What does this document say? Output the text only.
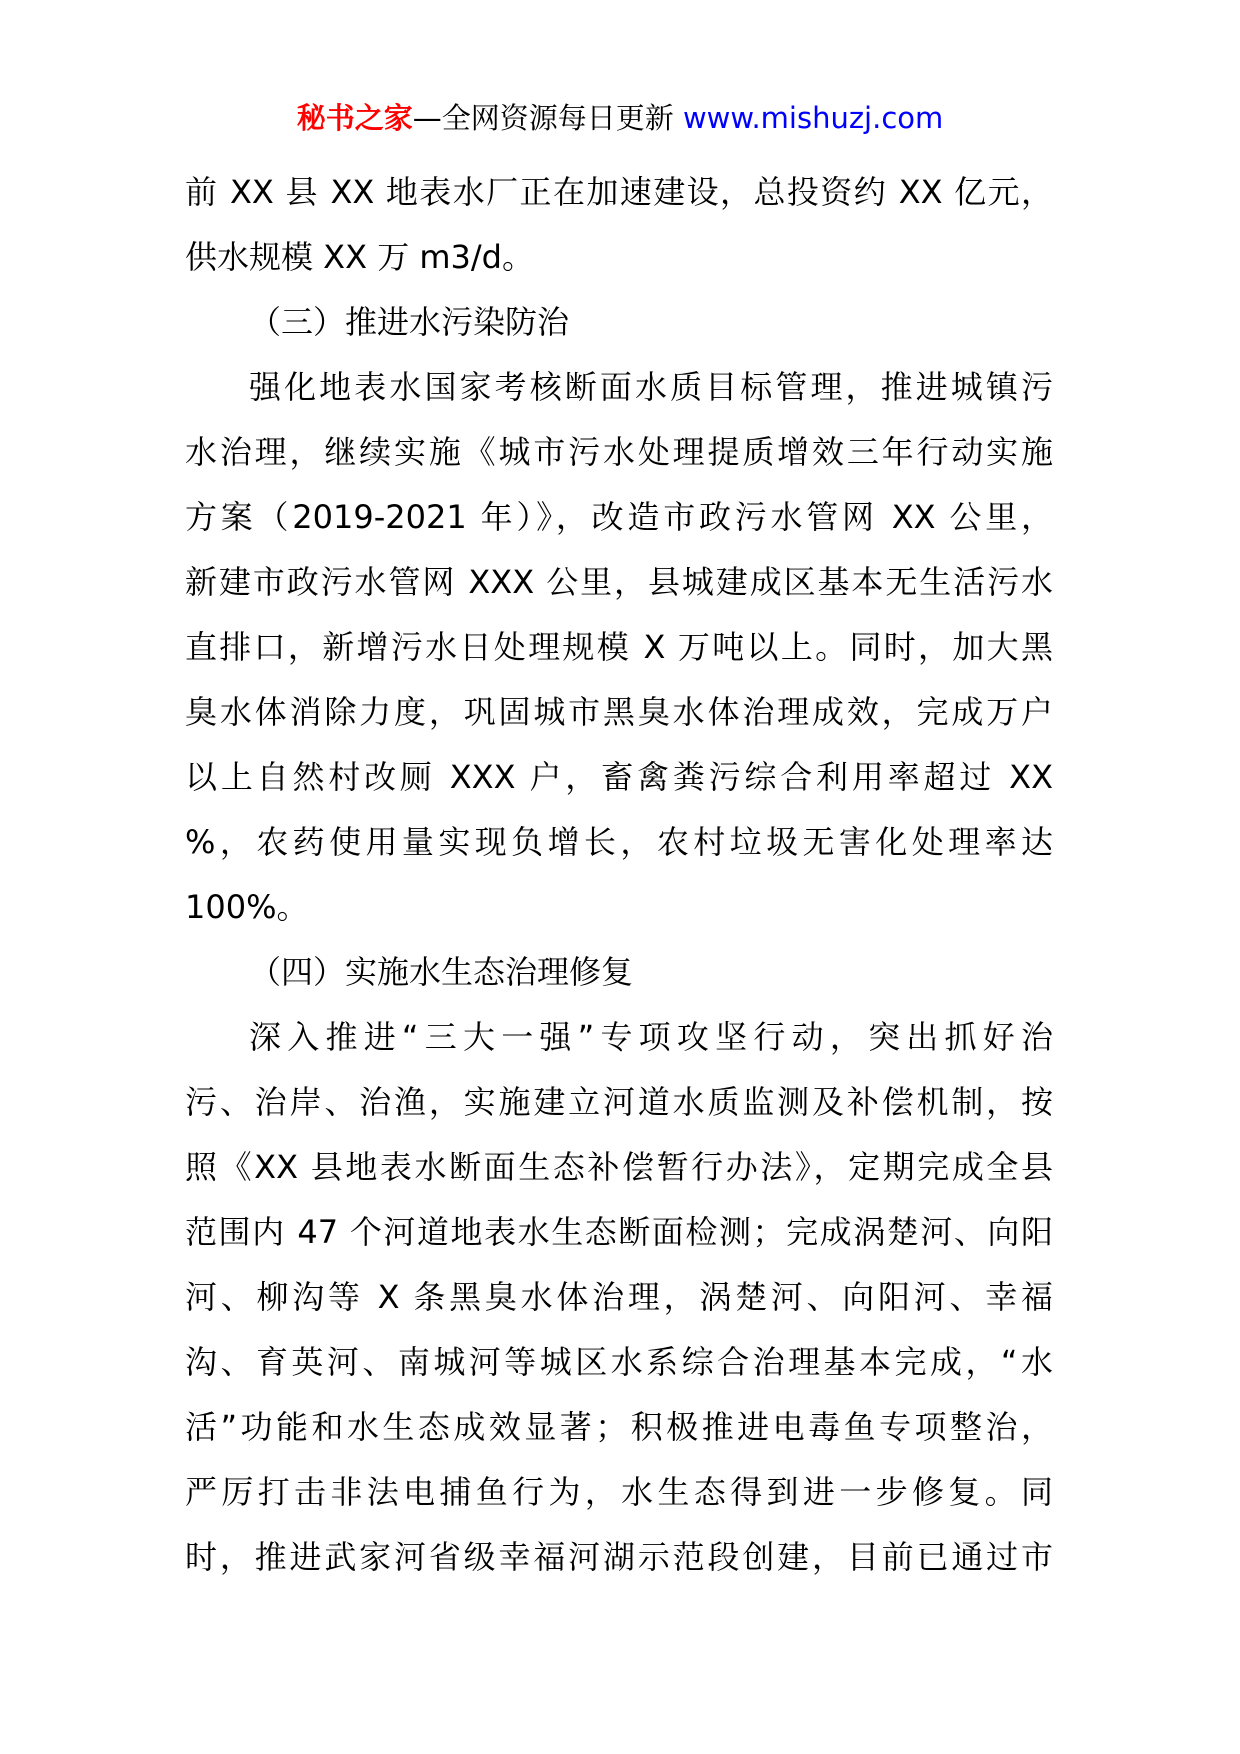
秘书之家—全网资源每日更新 www.mishuzj.com
前 XX 县 XX 地表水厂正在加速建设，总投资约 XX 亿元，
供水规模 XX 万 m3/d。
（三）推进水污染防治
强化地表水国家考核断面水质目标管理，推进城镇污
水治理，继续实施《城市污水处理提质增效三年行动实施
方案（2019-2021 年）》，改造市政污水管网 XX 公里，
新建市政污水管网 XXX 公里，县城建成区基本无生活污水
直排口，新增污水日处理规模 X 万吨以上。同时，加大黑
臭水体消除力度，巩固城市黑臭水体治理成效，完成万户
以上自然村改厕 XXX 户，畜禽粪污综合利用率超过 XX
%，农药使用量实现负增长，农村垃圾无害化处理率达
100%。
（四）实施水生态治理修复
深入推进“三大一强”专项攻坚行动，突出抓好治
污、治岸、治渔，实施建立河道水质监测及补偿机制，按
照《XX 县地表水断面生态补偿暂行办法》，定期完成全县
范围内 47 个河道地表水生态断面检测；完成涡楚河、向阳
河、柳沟等 X 条黑臭水体治理，涡楚河、向阳河、幸福
沟、育英河、南城河等城区水系综合治理基本完成，“水
活”功能和水生态成效显著；积极推进电毒鱼专项整治，
严厉打击非法电捕鱼行为，水生态得到进一步修复。同
时，推进武家河省级幸福河湖示范段创建，目前已通过市
